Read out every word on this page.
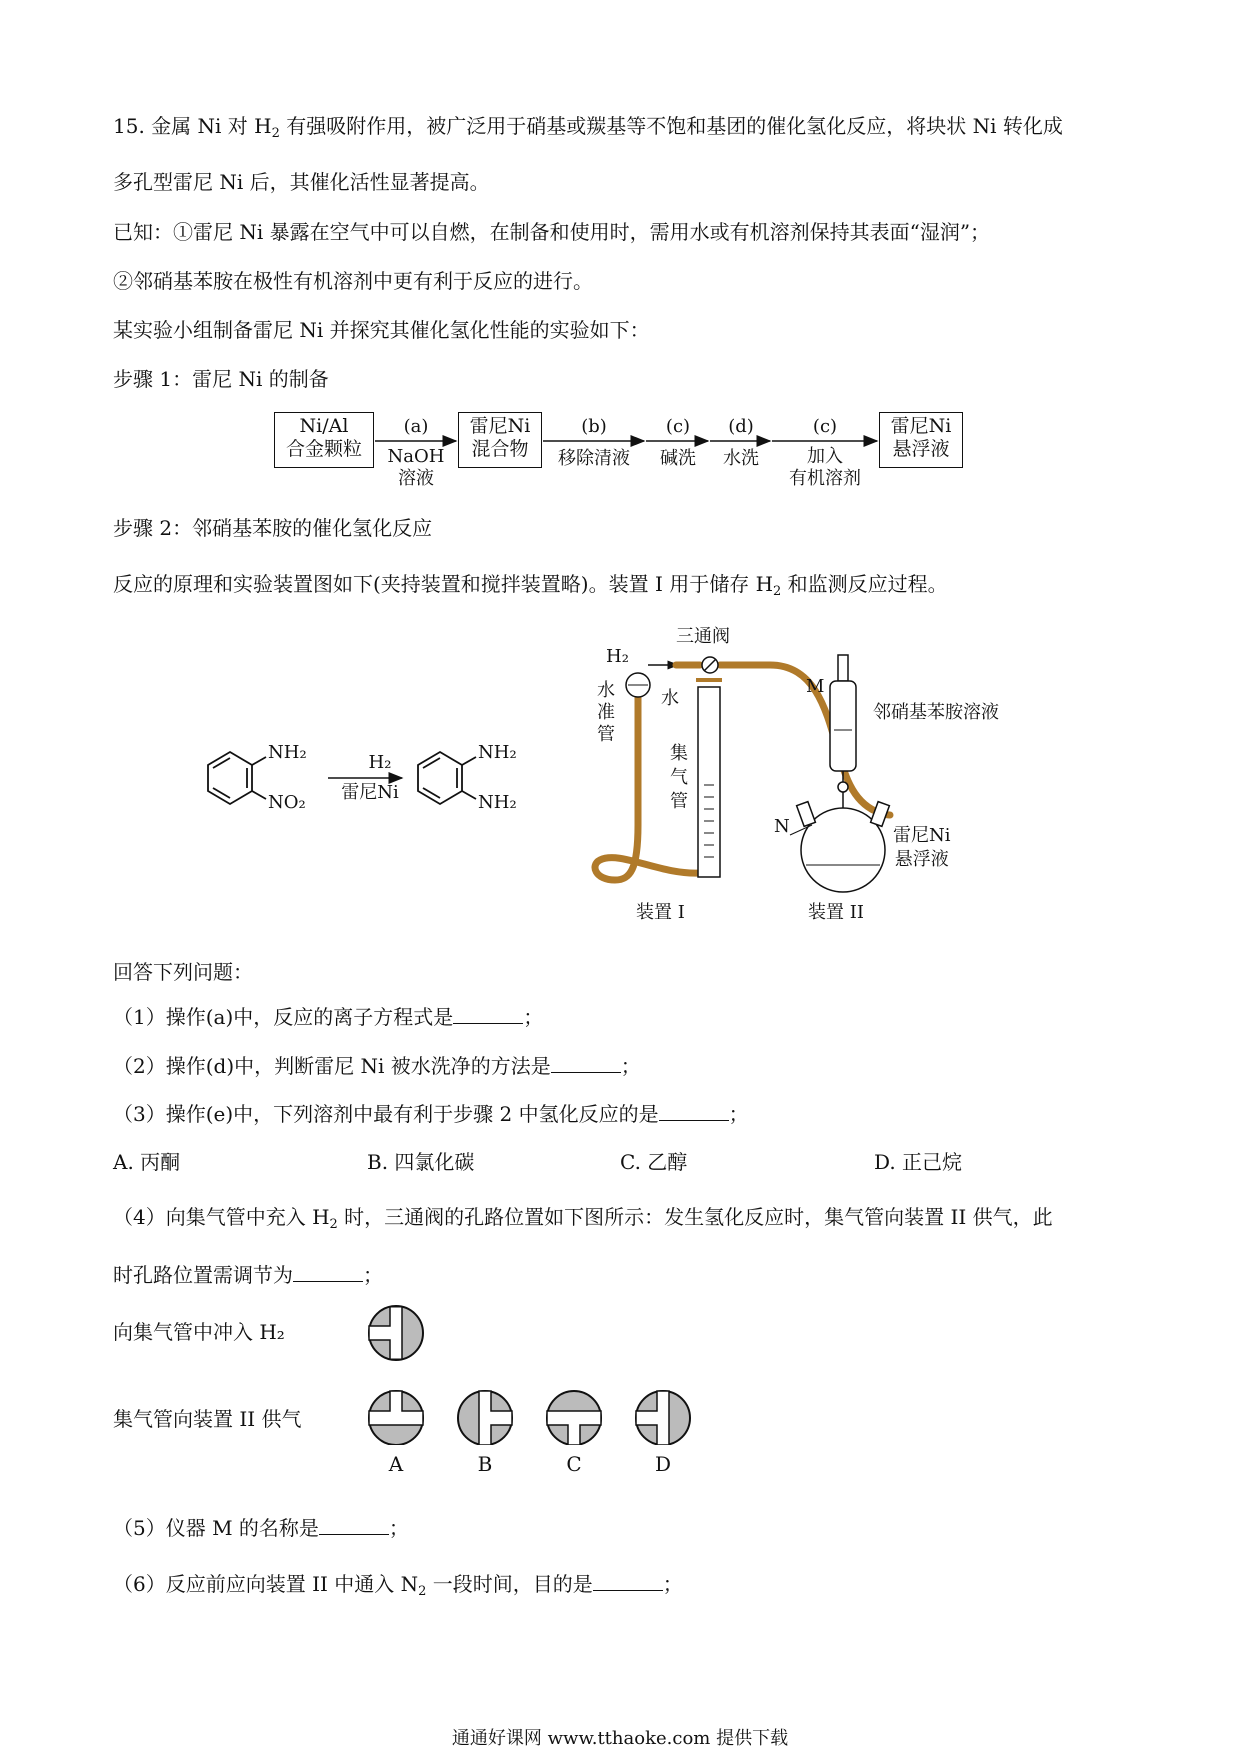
15. 金属 Ni 对 $H_2$ 有强吸附作用，被广泛用于硝基或羰基等不饱和基团的催化氢化反应，将块状 Ni 转化成
多孔型雷尼 Ni 后，其催化活性显著提高。
已知：①雷尼 Ni 暴露在空气中可以自燃，在制备和使用时，需用水或有机溶剂保持其表面“湿润”；
②邻硝基苯胺在极性有机溶剂中更有利于反应的进行。
某实验小组制备雷尼 Ni 并探究其催化氢化性能的实验如下：
步骤 1：雷尼 Ni 的制备
Ni/Al
合金颗粒
雷尼Ni
混合物
雷尼Ni
悬浮液
(a)
NaOH
溶液
(b)
移除清液
(c)
碱洗
(d)
水洗
(c)
加入
有机溶剂
步骤 2：邻硝基苯胺的催化氢化反应
反应的原理和实验装置图如下(夹持装置和搅拌装置略)。装置 I 用于储存 $H_2$ 和监测反应过程。
NH₂
NO₂
H₂
雷尼Ni
NH₂
NH₂
H₂
三通阀
水
准
管
水
集
气
管
M
邻硝基苯胺溶液
N	雷尼Ni
悬浮液
装置 I	装置 II
回答下列问题：
（1）操作(a)中，反应的离子方程式是	；
（2）操作(d)中，判断雷尼 Ni 被水洗净的方法是	；
（3）操作(e)中，下列溶剂中最有利于步骤 2 中氢化反应的是	；
A. 丙酮	B. 四氯化碳	C. 乙醇	D. 正己烷
（4）向集气管中充入 $H_2$ 时，三通阀的孔路位置如下图所示：发生氢化反应时，集气管向装置 II 供气，此
时孔路位置需调节为	；
向集气管中冲入 H₂
集气管向装置 II 供气
A	B	C	D
（5）仪器 M 的名称是	；
（6）反应前应向装置 II 中通入 $N_2$ 一段时间，目的是	；
通通好课网 www.tthaoke.com 提供下载
